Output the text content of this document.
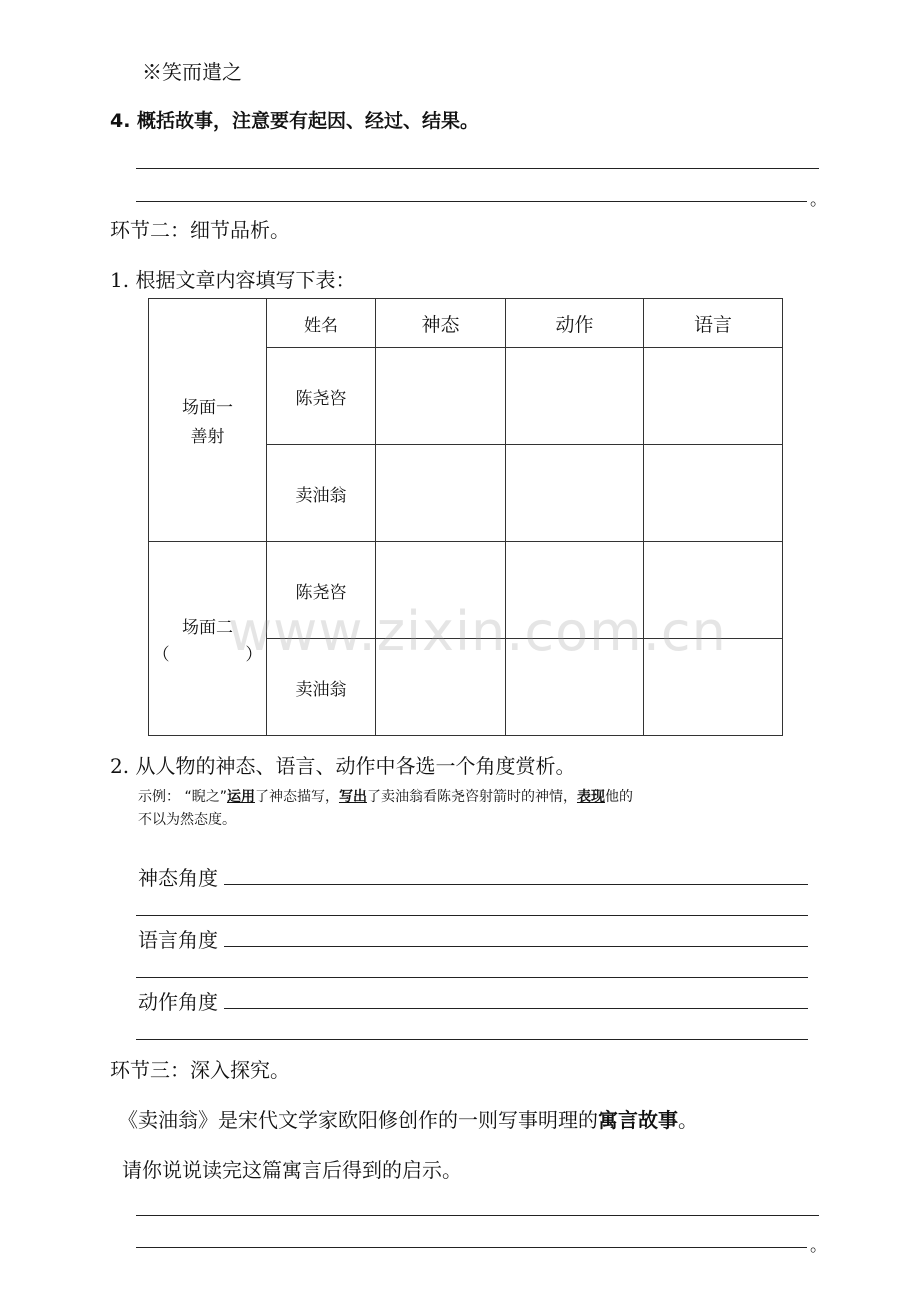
※笑而遣之
4. 概括故事，注意要有起因、经过、结果。
。
环节二：细节品析。
1. 根据文章内容填写下表：
场面一
善射	姓名	神态	动作	语言
	陈尧咨			
	卖油翁			

场面二
（              ）	陈尧咨			
	卖油翁			
2. 从人物的神态、语言、动作中各选一个角度赏析。
示例： “睨之”运用了神态描写，写出了卖油翁看陈尧咨射箭时的神情，表现他的
不以为然态度。
神态角度
语言角度
动作角度
环节三：深入探究。
《卖油翁》是宋代文学家欧阳修创作的一则写事明理的寓言故事。
请你说说读完这篇寓言后得到的启示。
。
www.zixin.com.cn
